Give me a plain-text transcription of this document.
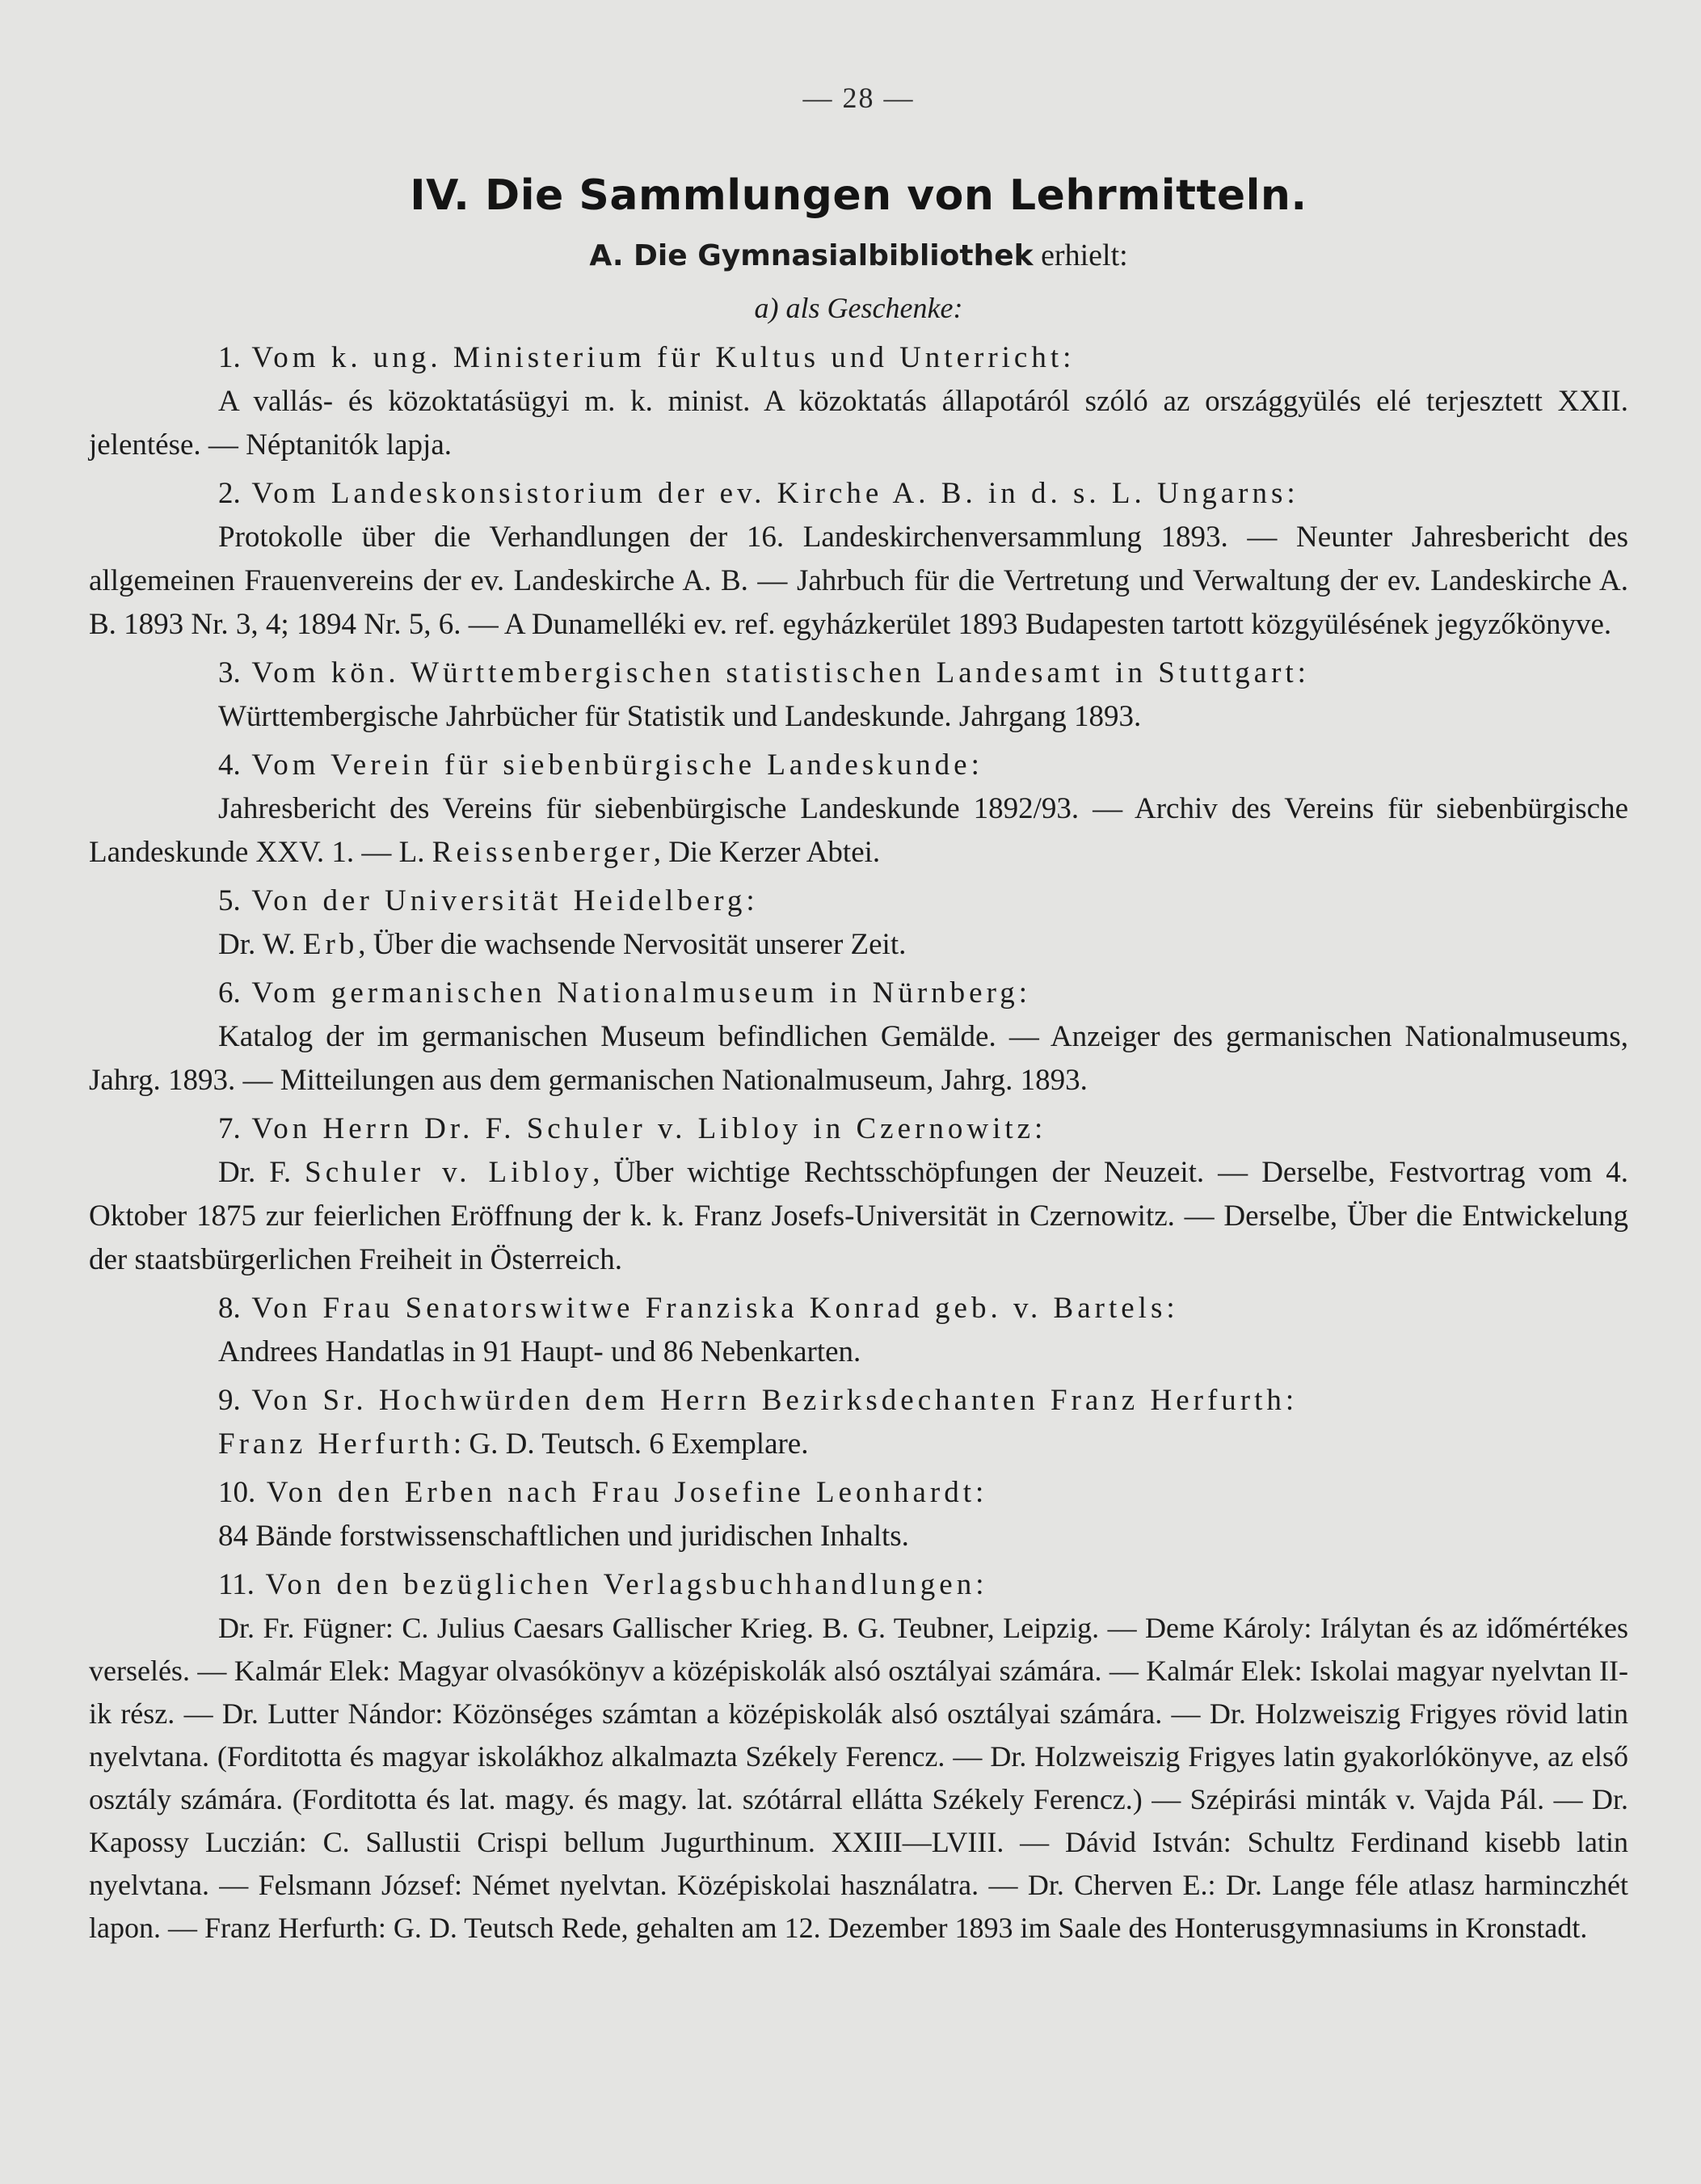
— 28 —
IV. Die Sammlungen von Lehrmitteln.
A. Die Gymnasialbibliothek erhielt:
a) als Geschenke:
1. Vom k. ung. Ministerium für Kultus und Unterricht:
A vallás- és közoktatásügyi m. k. minist. A közoktatás állapotáról szóló az országgyülés elé terjesztett XXII. jelentése. — Néptanitók lapja.
2. Vom Landeskonsistorium der ev. Kirche A. B. in d. s. L. Ungarns:
Protokolle über die Verhandlungen der 16. Landeskirchenversammlung 1893. — Neunter Jahresbericht des allgemeinen Frauenvereins der ev. Landeskirche A. B. — Jahrbuch für die Vertretung und Verwaltung der ev. Landeskirche A. B. 1893 Nr. 3, 4; 1894 Nr. 5, 6. — A Dunamelléki ev. ref. egyházkerület 1893 Budapesten tartott közgyülésének jegyzőkönyve.
3. Vom kön. Württembergischen statistischen Landesamt in Stuttgart:
Württembergische Jahrbücher für Statistik und Landeskunde. Jahrgang 1893.
4. Vom Verein für siebenbürgische Landeskunde:
Jahresbericht des Vereins für siebenbürgische Landeskunde 1892/93. — Archiv des Vereins für siebenbürgische Landeskunde XXV. 1. — L. Reissenberger, Die Kerzer Abtei.
5. Von der Universität Heidelberg:
Dr. W. Erb, Über die wachsende Nervosität unserer Zeit.
6. Vom germanischen Nationalmuseum in Nürnberg:
Katalog der im germanischen Museum befindlichen Gemälde. — Anzeiger des germanischen Nationalmuseums, Jahrg. 1893. — Mitteilungen aus dem germanischen Nationalmuseum, Jahrg. 1893.
7. Von Herrn Dr. F. Schuler v. Libloy in Czernowitz:
Dr. F. Schuler v. Libloy, Über wichtige Rechtsschöpfungen der Neuzeit. — Derselbe, Festvortrag vom 4. Oktober 1875 zur feierlichen Eröffnung der k. k. Franz Josefs-Universität in Czernowitz. — Derselbe, Über die Entwickelung der staatsbürgerlichen Freiheit in Österreich.
8. Von Frau Senatorswitwe Franziska Konrad geb. v. Bartels:
Andrees Handatlas in 91 Haupt- und 86 Nebenkarten.
9. Von Sr. Hochwürden dem Herrn Bezirksdechanten Franz Herfurth:
Franz Herfurth: G. D. Teutsch. 6 Exemplare.
10. Von den Erben nach Frau Josefine Leonhardt:
84 Bände forstwissenschaftlichen und juridischen Inhalts.
11. Von den bezüglichen Verlagsbuchhandlungen:
Dr. Fr. Fügner: C. Julius Caesars Gallischer Krieg. B. G. Teubner, Leipzig. — Deme Károly: Irálytan és az időmértékes verselés. — Kalmár Elek: Magyar olvasókönyv a középiskolák alsó osztályai számára. — Kalmár Elek: Iskolai magyar nyelvtan II-ik rész. — Dr. Lutter Nándor: Közönséges számtan a középiskolák alsó osztályai számára. — Dr. Holzweiszig Frigyes rövid latin nyelvtana. (Forditotta és magyar iskolákhoz alkalmazta Székely Ferencz. — Dr. Holzweiszig Frigyes latin gyakorlókönyve, az első osztály számára. (Forditotta és lat. magy. és magy. lat. szótárral ellátta Székely Ferencz.) — Szépirási minták v. Vajda Pál. — Dr. Kapossy Luczián: C. Sallustii Crispi bellum Jugurthinum. XXIII—LVIII. — Dávid István: Schultz Ferdinand kisebb latin nyelvtana. — Felsmann József: Német nyelvtan. Középiskolai használatra. — Dr. Cherven E.: Dr. Lange féle atlasz harminczhét lapon. — Franz Herfurth: G. D. Teutsch Rede, gehalten am 12. Dezember 1893 im Saale des Honterusgymnasiums in Kronstadt.
